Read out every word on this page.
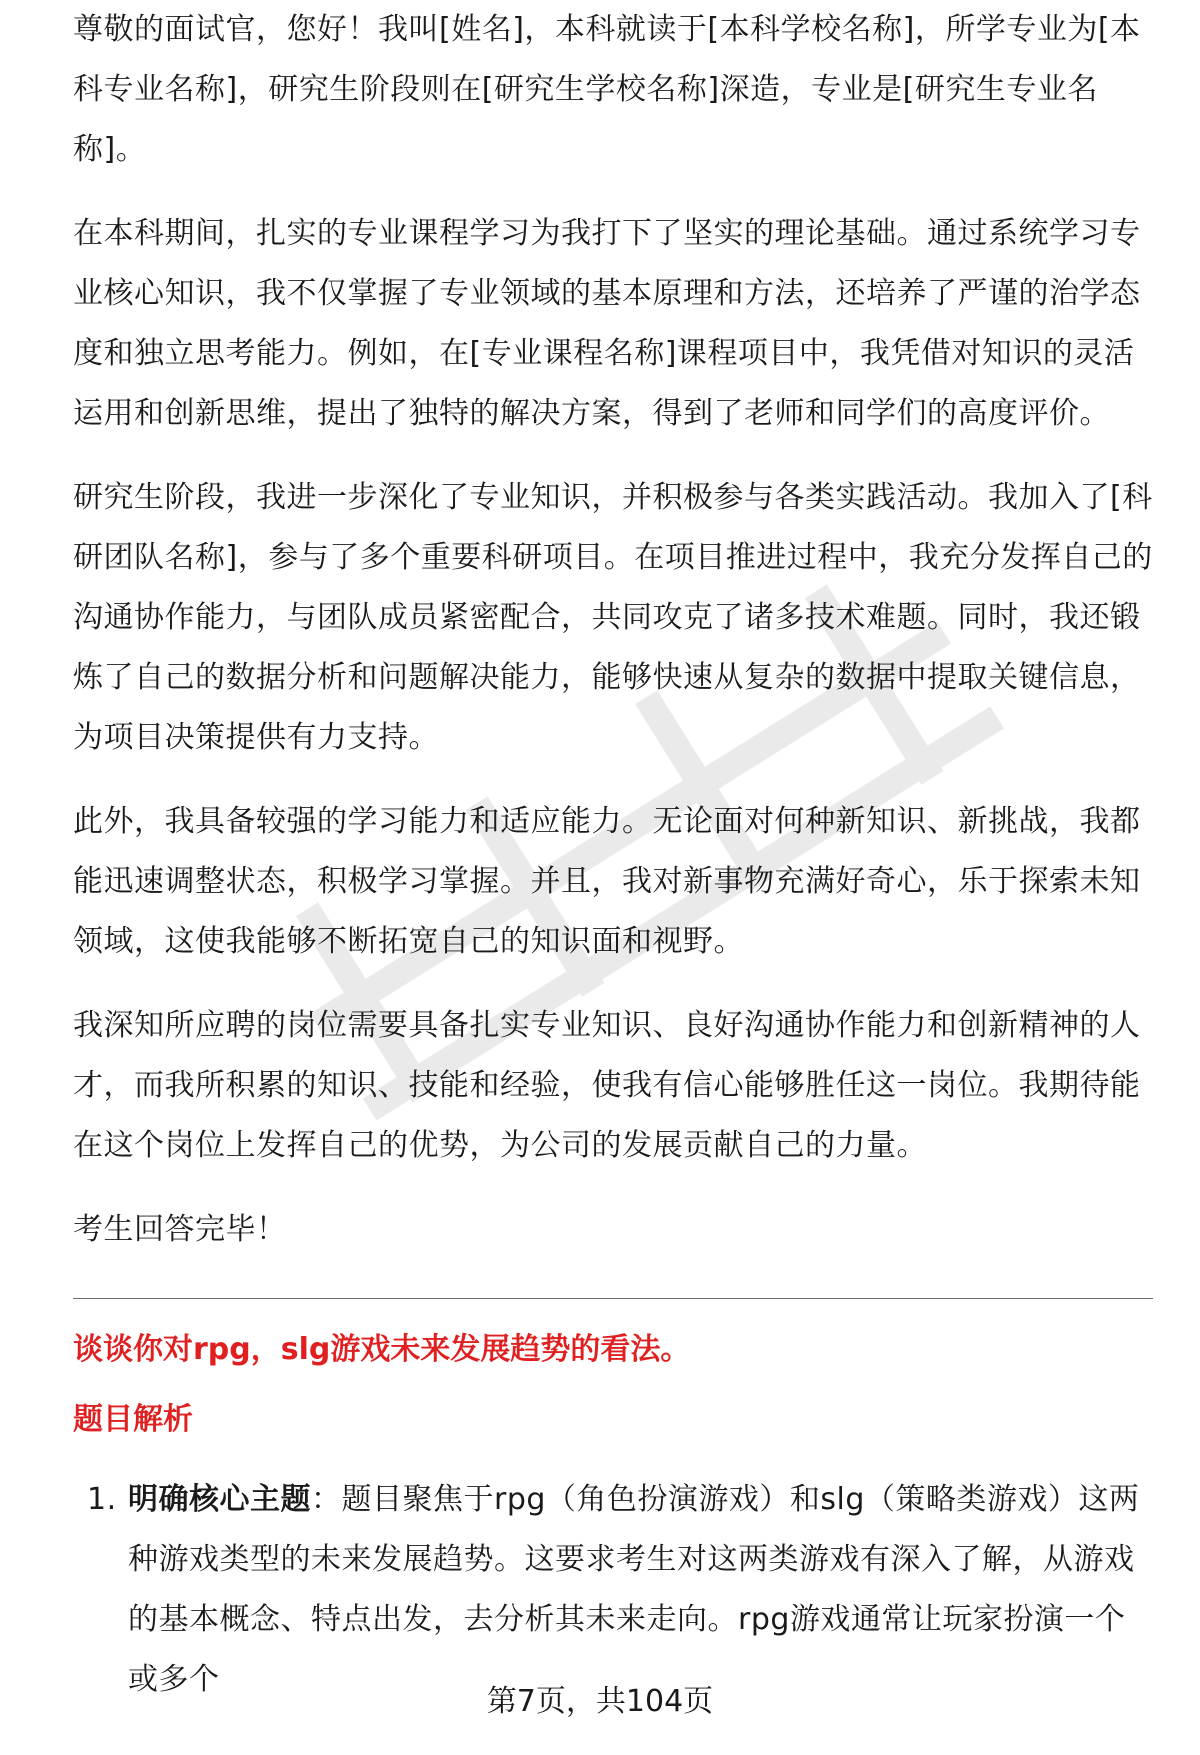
尊敬的面试官，您好！我叫[姓名]，本科就读于[本科学校名称]，所学专业为[本科专业名称]，研究生阶段则在[研究生学校名称]深造，专业是[研究生专业名称]。

在本科期间，扎实的专业课程学习为我打下了坚实的理论基础。通过系统学习专业核心知识，我不仅掌握了专业领域的基本原理和方法，还培养了严谨的治学态度和独立思考能力。例如，在[专业课程名称]课程项目中，我凭借对知识的灵活运用和创新思维，提出了独特的解决方案，得到了老师和同学们的高度评价。

研究生阶段，我进一步深化了专业知识，并积极参与各类实践活动。我加入了[科研团队名称]，参与了多个重要科研项目。在项目推进过程中，我充分发挥自己的沟通协作能力，与团队成员紧密配合，共同攻克了诸多技术难题。同时，我还锻炼了自己的数据分析和问题解决能力，能够快速从复杂的数据中提取关键信息，为项目决策提供有力支持。

此外，我具备较强的学习能力和适应能力。无论面对何种新知识、新挑战，我都能迅速调整状态，积极学习掌握。并且，我对新事物充满好奇心，乐于探索未知领域，这使我能够不断拓宽自己的知识面和视野。

我深知所应聘的岗位需要具备扎实专业知识、良好沟通协作能力和创新精神的人才，而我所积累的知识、技能和经验，使我有信心能够胜任这一岗位。我期待能在这个岗位上发挥自己的优势，为公司的发展贡献自己的力量。

考生回答完毕！

谈谈你对rpg，slg游戏未来发展趋势的看法。
题目解析
1. 明确核心主题：题目聚焦于rpg（角色扮演游戏）和slg（策略类游戏）这两种游戏类型的未来发展趋势。这要求考生对这两类游戏有深入了解，从游戏的基本概念、特点出发，去分析其未来走向。rpg游戏通常让玩家扮演一个或多个
第7页，共104页
